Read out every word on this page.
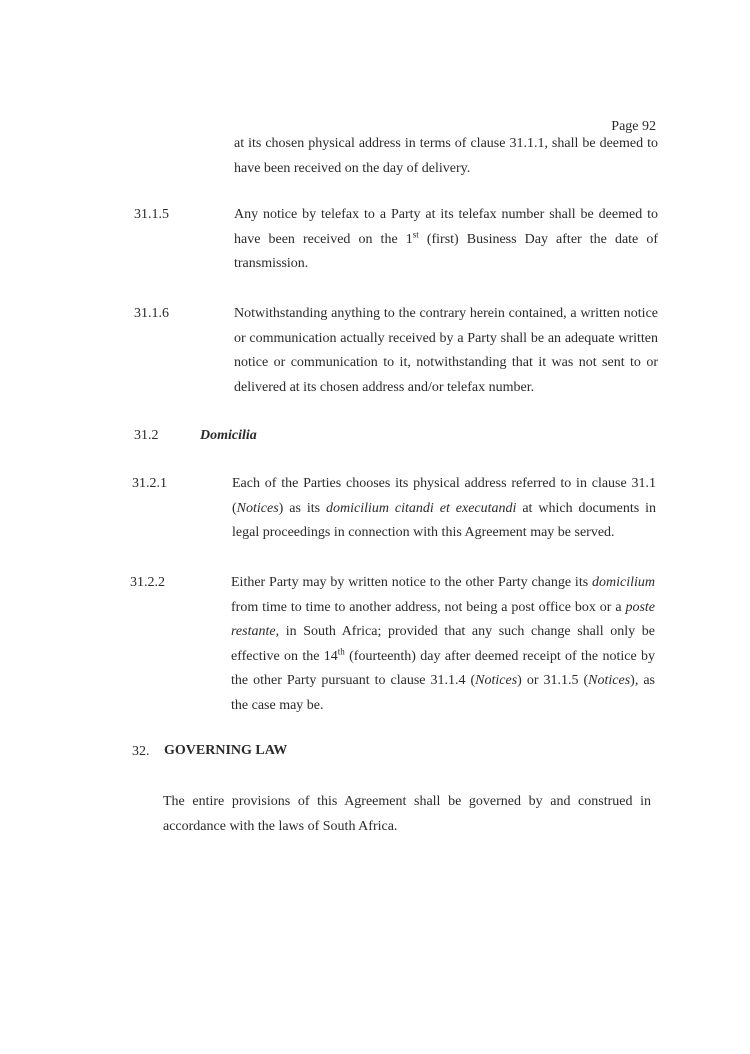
Page 92
at its chosen physical address in terms of clause 31.1.1, shall be deemed to have been received on the day of delivery.
31.1.5	Any notice by telefax to a Party at its telefax number shall be deemed to have been received on the 1st (first) Business Day after the date of transmission.
31.1.6	Notwithstanding anything to the contrary herein contained, a written notice or communication actually received by a Party shall be an adequate written notice or communication to it, notwithstanding that it was not sent to or delivered at its chosen address and/or telefax number.
31.2	Domicilia
31.2.1	Each of the Parties chooses its physical address referred to in clause 31.1 (Notices) as its domicilium citandi et executandi at which documents in legal proceedings in connection with this Agreement may be served.
31.2.2	Either Party may by written notice to the other Party change its domicilium from time to time to another address, not being a post office box or a poste restante, in South Africa; provided that any such change shall only be effective on the 14th (fourteenth) day after deemed receipt of the notice by the other Party pursuant to clause 31.1.4 (Notices) or 31.1.5 (Notices), as the case may be.
32. GOVERNING LAW
The entire provisions of this Agreement shall be governed by and construed in accordance with the laws of South Africa.
